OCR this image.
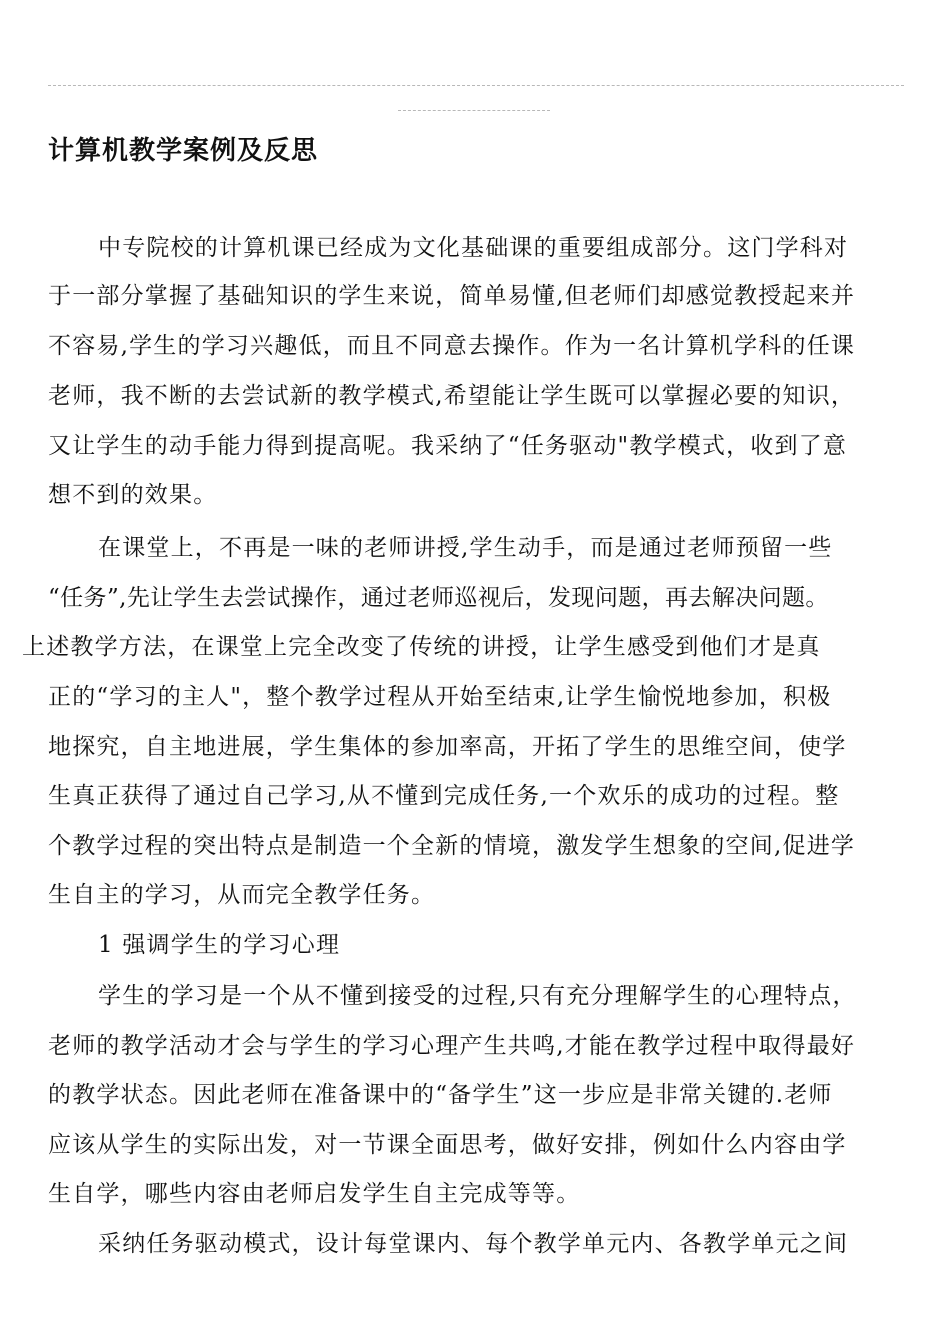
计算机教学案例及反思
中专院校的计算机课已经成为文化基础课的重要组成部分。这门学科对
于一部分掌握了基础知识的学生来说，简单易懂,但老师们却感觉教授起来并
不容易,学生的学习兴趣低，而且不同意去操作。作为一名计算机学科的任课
老师，我不断的去尝试新的教学模式,希望能让学生既可以掌握必要的知识，
又让学生的动手能力得到提高呢。我采纳了“任务驱动"教学模式，收到了意
想不到的效果。
在课堂上，不再是一味的老师讲授,学生动手，而是通过老师预留一些
“任务”,先让学生去尝试操作，通过老师巡视后，发现问题，再去解决问题。
上述教学方法，在课堂上完全改变了传统的讲授，让学生感受到他们才是真
正的“学习的主人"，整个教学过程从开始至结束,让学生愉悦地参加，积极
地探究，自主地进展，学生集体的参加率高，开拓了学生的思维空间，使学
生真正获得了通过自己学习,从不懂到完成任务,一个欢乐的成功的过程。整
个教学过程的突出特点是制造一个全新的情境，激发学生想象的空间,促进学
生自主的学习，从而完全教学任务。
1 强调学生的学习心理
学生的学习是一个从不懂到接受的过程,只有充分理解学生的心理特点，
老师的教学活动才会与学生的学习心理产生共鸣,才能在教学过程中取得最好
的教学状态。因此老师在准备课中的“备学生”这一步应是非常关键的.老师
应该从学生的实际出发，对一节课全面思考，做好安排，例如什么内容由学
生自学，哪些内容由老师启发学生自主完成等等。
采纳任务驱动模式，设计每堂课内、每个教学单元内、各教学单元之间
